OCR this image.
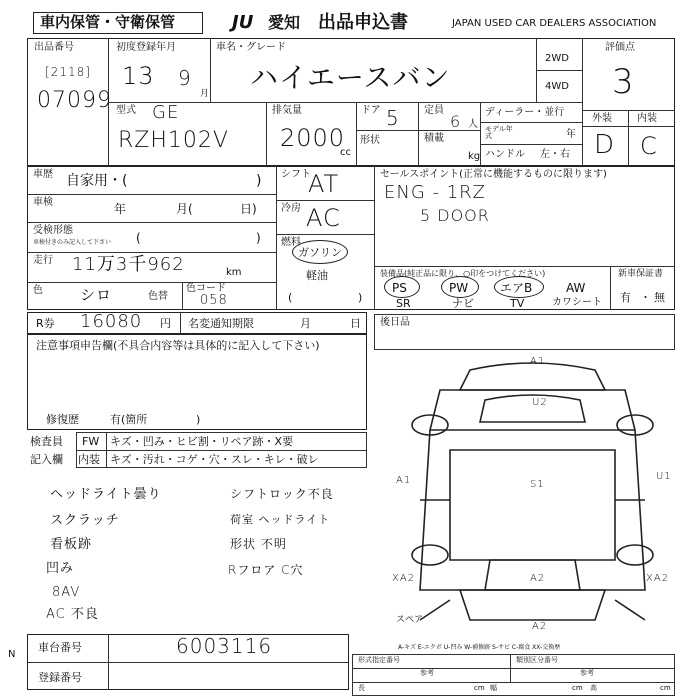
車内保管・守衛保管	JU 愛知 出品申込書	JAPAN USED CAR DEALERS ASSOCIATION
出品番号
[2118]
07099
初度登録年月
13 9
月
車名・グレード
ハイエースバン
2WD
4WD
評価点
3
型式 GE
RZH102V
排気量
2000
cc
ドア 5
形状
定員
6 人
積載
kg
ディーラー・並行
モデル年式	年
ハンドル 左・右
外装	内装
D C
車歴 自家用・(	)
車検	年	月(	日)
受検形態
車検付きのみ記入して下さい (	)
走行 11万3千962	km
色 シロ	色替
色コード
058
シフト
AT
冷房 AC
燃料
ガソリン
軽油
(	)
セールスポイント(正常に機能するものに限ります)
ENG - 1RZ
5 DOOR
装備品(純正品に限り、○印をつけてください)
PS	PW	エアB	AW
SR	ナビ	TV	カワシート
新車保証書
有 ・ 無
R券 16080 円 名変通知期限	月	日 後日品
注意事項申告欄(不具合内容等は具体的に記入して下さい)
修復歴	有(箇所	)
検査員
記入欄
FW キズ・凹み・ヒビ割・リペア跡・X要
内装 キズ・汚れ・コゲ・穴・スレ・キレ・破レ
ヘッドライト曇り
スクラッチ
看板跡
凹み
8AV
AC 不良
シフトロック不良
荷室 ヘッドライト
形状 不明
Rフロア C穴
A1
U2
A1	S1
U1
XA2	A2	XA2
A2
スペア
A-キズ E-エクボ U-凹み W-補修跡 S-サビ C-腐食 XX-交換歴
車台番号	6003116
登録番号
形式指定番号
参考
類別区分番号
参考
長	cm 幅	cm 高	cm
N
